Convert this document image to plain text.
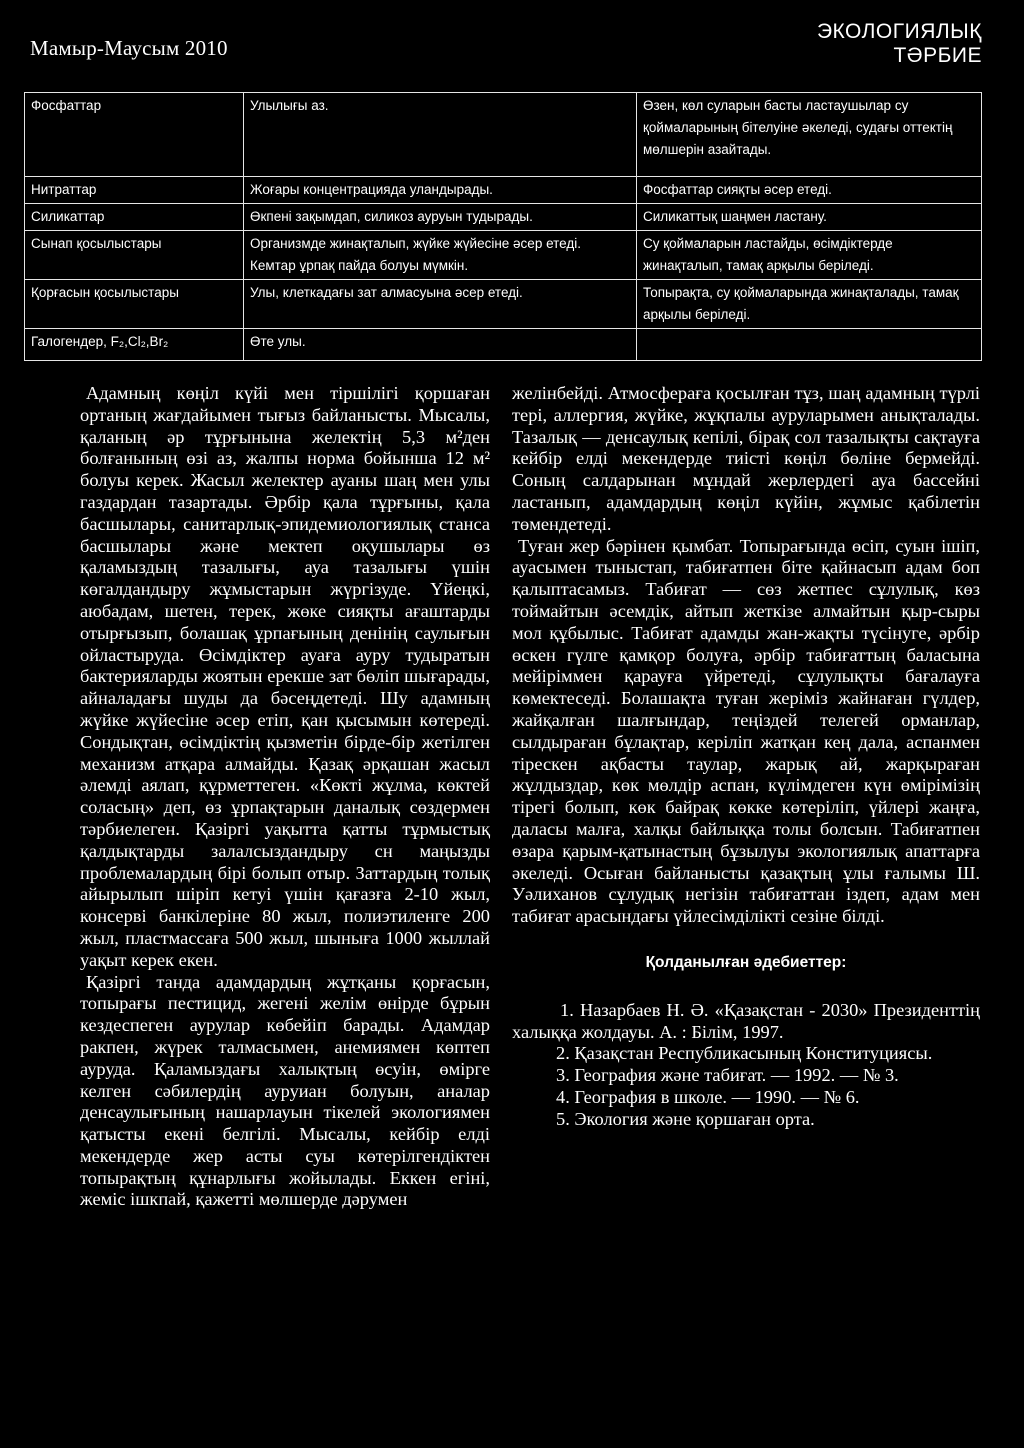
Мамыр-Маусым 2010
ЭКОЛОГИЯЛЫҚ
ТӘРБИЕ
Фосфаттар	Улылығы аз.	Өзен, көл суларын басты ластаушылар су қоймаларының бітелуіне әкеледі, судағы оттектің мөлшерін азайтады.
Нитраттар	Жоғары концентрацияда уландырады.	Фосфаттар сияқты әсер етеді.
Силикаттар	Өкпені зақымдап, силикоз ауруын тудырады.	Силикаттық шаңмен ластану.
Сынап қосылыстары	Организмде жинақталып, жүйке жүйесіне әсер етеді. Кемтар ұрпақ пайда болуы мүмкін.	Су қоймаларын ластайды, өсімдіктерде жинақталып, тамақ арқылы беріледі.
Қорғасын қосылыстары	Улы, клеткадағы зат алмасуына әсер етеді.	Топырақта, су қоймаларында жинақталады, тамақ арқылы беріледі.
Галогендер, F₂,Cl₂,Br₂	Өте улы.	

Адамның көңіл күйі мен тіршілігі қоршаған ортаның жағдайымен тығыз байланысты. Мысалы, қаланың әр тұрғынына желектің 5,3 м²ден болғанының өзі аз, жалпы норма бойынша 12 м² болуы керек. Жасыл желектер ауаны шаң мен улы газдардан тазартады. Әрбір қала тұрғыны, қала басшылары, санитарлық-эпидемиологиялық станса басшылары және мектеп оқушылары өз қаламыздың тазалығы, ауа тазалығы үшін көгалдандыру жұмыстарын жүргізуде. Үйеңкі, аюбадам, шетен, терек, жөке сияқты ағаштарды отырғызып, болашақ ұрпағының денінің саулығын ойластыруда. Өсімдіктер ауаға ауру тудыратын бактерияларды жоятын ерекше зат бөліп шығарады, айналадағы шуды да бәсеңдетеді. Шу адамның жүйке жүйесіне әсер етіп, қан қысымын көтереді. Сондықтан, өсімдіктің қызметін бірде-бір жетілген механизм атқара алмайды. Қазақ әрқашан жасыл әлемді аялап, құрметтеген. «Көкті жұлма, көктей соласың» деп, өз ұрпақтарын даналық сөздермен тәрбиелеген. Қазіргі уақытта қатты тұрмыстық қалдықтарды залалсыздандыру сн маңызды проблемалардың бірі болып отыр. Заттардың толық айырылып шіріп кетуі үшін қағазға 2-10 жыл, консерві банкілеріне 80 жыл, полиэтиленге 200 жыл, пластмассаға 500 жыл, шыныға 1000 жыллай уақыт керек екен.

Қазіргі танда адамдардың жұтқаны қорғасын, топырағы пестицид, жегені желім өнірде бұрын кездеспеген аурулар көбейіп барады. Адамдар ракпен, жүрек талмасымен, анемиямен көптеп ауруда. Қаламыздағы халықтың өсуін, өмірге келген сәбилердің ауруиан болуын, аналар денсаулығының нашарлауын тікелей экологиямен қатысты екені белгілі. Мысалы, кейбір елді мекендерде жер асты суы көтерілгендіктен топырақтың құнарлығы жойылады. Еккен егіні, жеміс ішкпай, қажетті мөлшерде дәрумен

желінбейді. Атмосфераға қосылған тұз, шаң адамның түрлі тері, аллергия, жүйке, жұқпалы ауруларымен анықталады. Тазалық — денсаулық кепілі, бірақ сол тазалықты сақтауға кейбір елді мекендерде тиісті көңіл бөліне бермейді. Соның салдарынан мұндай жерлердегі ауа бассейні ластанып, адамдардың көңіл күйін, жұмыс қабілетін төмендетеді.

Туған жер бәрінен қымбат. Топырағында өсіп, суын ішіп, ауасымен тыныстап, табиғатпен біте қайнасып адам боп қалыптасамыз. Табиғат — сөз жетпес сұлулық, көз тоймайтын әсемдік, айтып жеткізе алмайтын қыр-сыры мол құбылыс. Табиғат адамды жан-жақты түсінуге, әрбір өскен гүлге қамқор болуға, әрбір табиғаттың баласына мейіріммен қарауға үйретеді, сұлулықты бағалауға көмектеседі. Болашақта туған жеріміз жайнаған гүлдер, жайқалған шалғындар, теңіздей телегей орманлар, сылдыраған бұлақтар, кеpіліп жатқан кең дала, аспанмен тірескен ақбасты таулар, жарық ай, жарқыраған жұлдыздар, көк мөлдір аспан, күлімдеген күн өмірімізің тірегі болып, көк байрақ көкке көтеріліп, үйлері жаңға, даласы малға, халқы байлыққа толы болсын. Табиғатпен өзара қарым-қатынастың бұзылуы экологиялық апаттарға әкеледі. Осыған байланысты қазақтың ұлы ғалымы Ш. Уәлиханов сұлудық негізін табиғаттан іздеп, адам мен табиғат арасындағы үйлесімділікті сезіне білді.

Қолданылған әдебиеттер:

1. Назарбаев Н. Ә. «Қазақстан - 2030» Президенттің халыққа жолдауы. А. : Білім, 1997.

2. Қазақстан Республикасының Конституциясы.

3. География және табиғат. — 1992. — № 3.

4. География в школе. — 1990. — № 6.

5. Экология және қоршаған орта.
